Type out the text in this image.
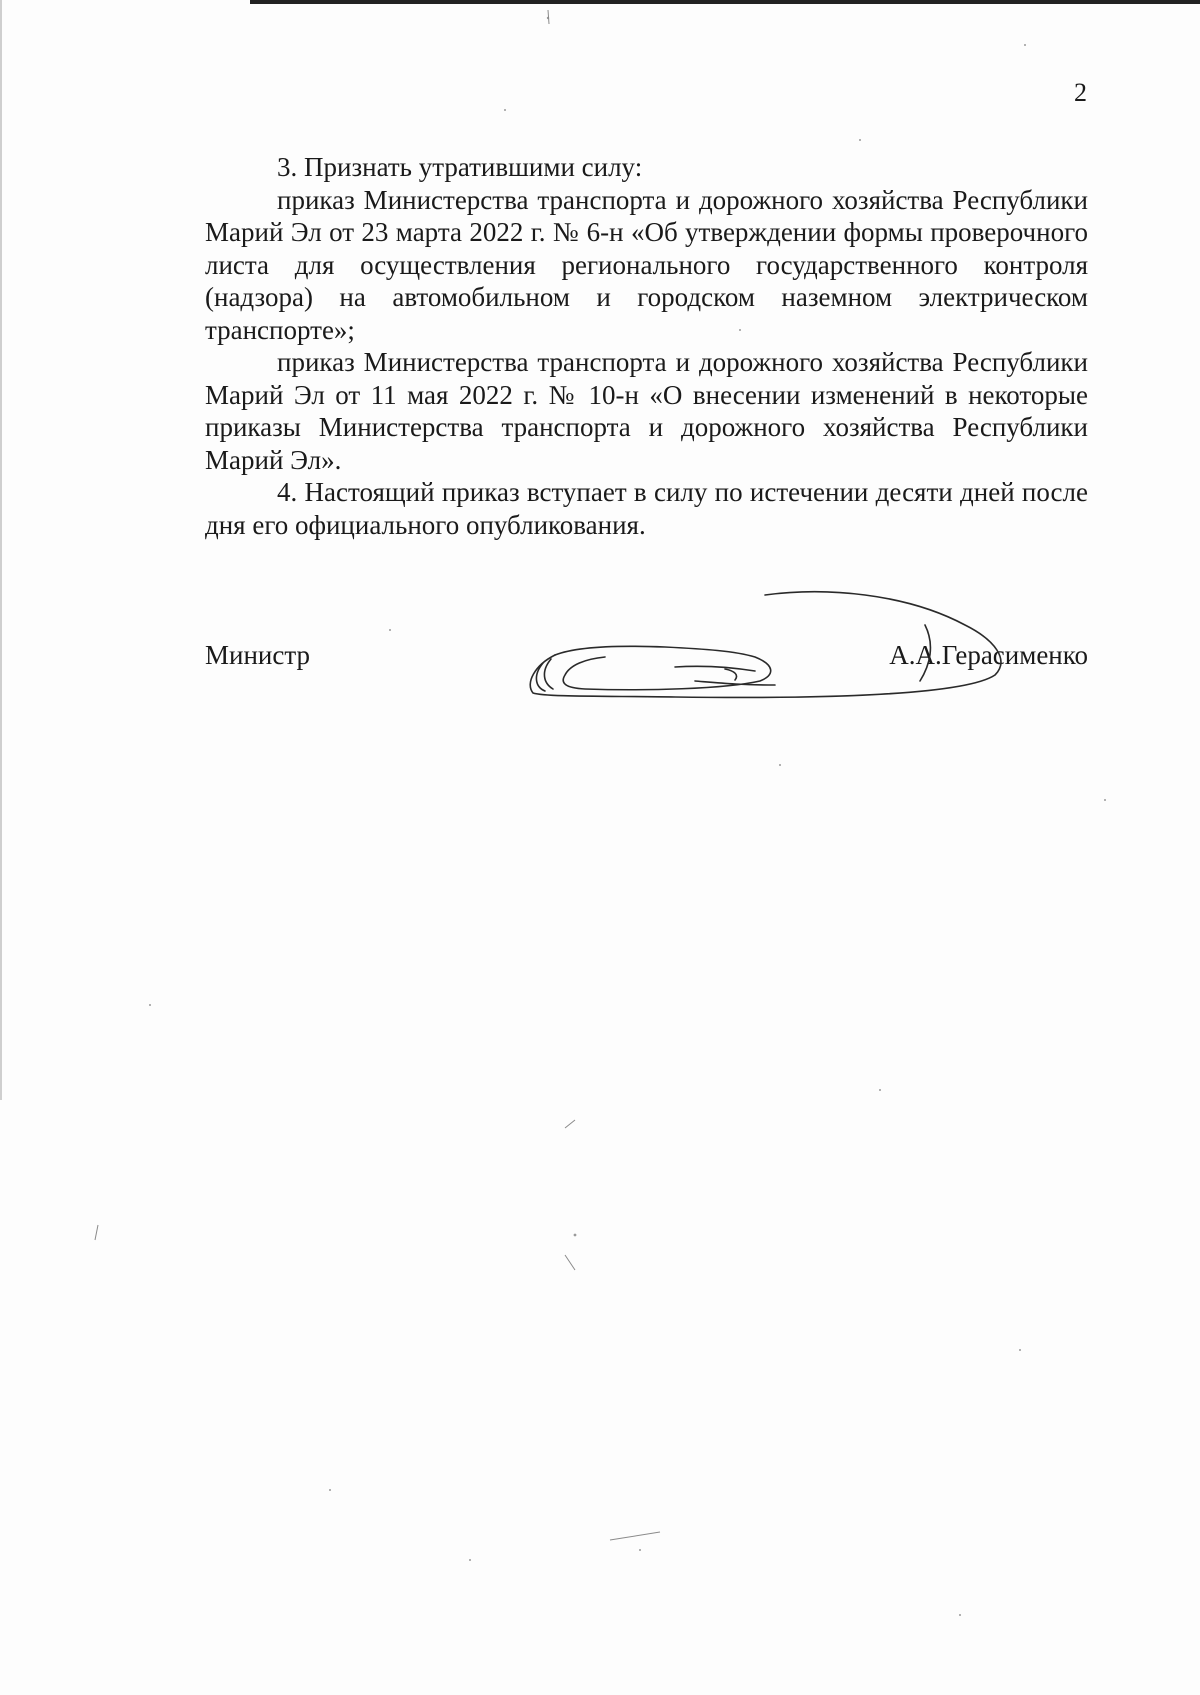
2

3. Признать утратившими силу:

приказ Министерства транспорта и дорожного хозяйства Республики Марий Эл от 23 марта 2022 г. № 6-н «Об утверждении формы проверочного листа для осуществления регионального государственного контроля (надзора) на автомобильном и городском наземном электрическом транспорте»;

приказ Министерства транспорта и дорожного хозяйства Республики Марий Эл от 11 мая 2022 г. № 10-н «О внесении изменений в некоторые приказы Министерства транспорта и дорожного хозяйства Республики Марий Эл».

4. Настоящий приказ вступает в силу по истечении десяти дней после дня его официального опубликования.

Министр	А.А.Герасименко
